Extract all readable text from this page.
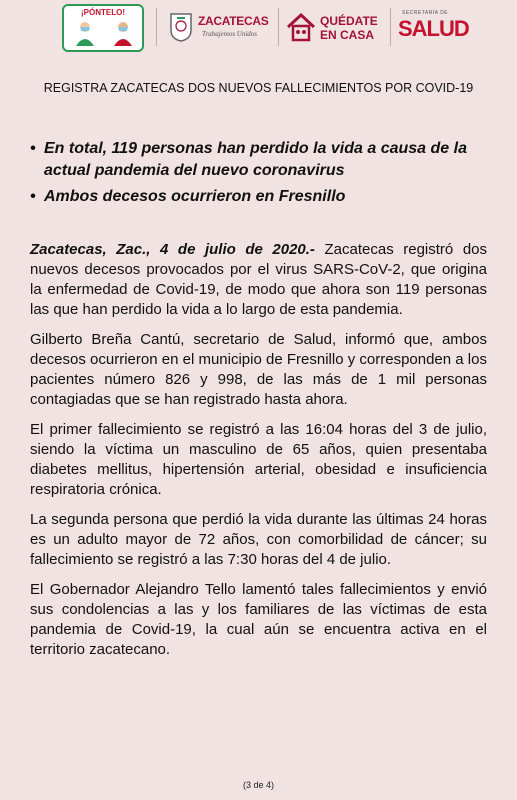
¡PÓNTELO!
ZACATECAS
Trabajemos Unidos
QUÉDATE
EN CASA
SECRETARÍA DE
SALUD
REGISTRA ZACATECAS DOS NUEVOS FALLECIMIENTOS POR COVID-19
• En total, 119 personas han perdido la vida a causa de la actual pandemia del nuevo coronavirus
• Ambos decesos ocurrieron en Fresnillo

Zacatecas, Zac., 4 de julio de 2020.- Zacatecas registró dos nuevos decesos provocados por el virus SARS-CoV-2, que origina la enfermedad de Covid-19, de modo que ahora son 119 personas las que han perdido la vida a lo largo de esta pandemia.

Gilberto Breña Cantú, secretario de Salud, informó que, ambos decesos ocurrieron en el municipio de Fresnillo y corresponden a los pacientes número 826 y 998, de las más de 1 mil personas contagiadas que se han registrado hasta ahora.

El primer fallecimiento se registró a las 16:04 horas del 3 de julio, siendo la víctima un masculino de 65 años, quien presentaba diabetes mellitus, hipertensión arterial, obesidad e insuficiencia respiratoria crónica.

La segunda persona que perdió la vida durante las últimas 24 horas es un adulto mayor de 72 años, con comorbilidad de cáncer; su fallecimiento se registró a las 7:30 horas del 4 de julio.

El Gobernador Alejandro Tello lamentó tales fallecimientos y envió sus condolencias a las y los familiares de las víctimas de esta pandemia de Covid-19, la cual aún se encuentra activa en el territorio zacatecano.

(3 de 4)
